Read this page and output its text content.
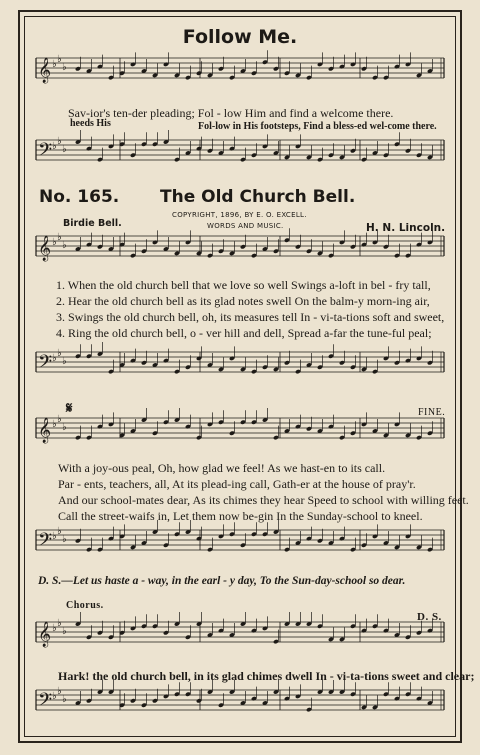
𝄞 ♭ ♭
♭
𝄢 ♭ ♭
♭
𝄞 ♭ ♭
♭
𝄢 ♭ ♭
♭
𝄞 ♭ ♭
♭
𝄢 ♭ ♭
♭
𝄞 ♭ ♭
♭
𝄢 ♭ ♭
♭
Follow Me.
Sav-ior's ten-der pleading; Fol - low Him and find a welcome there.
heeds His	Fol-low in His footsteps, Find a bless-ed wel-come there.
No. 165. The Old Church Bell.
COPYRIGHT, 1896, BY E. O. EXCELL.
WORDS AND MUSIC.
Birdie Bell.	H. N. Lincoln.
1. When the old church bell that we love so well Swings a-loft in bel - fry tall,
2. Hear the old church bell as its glad notes swell On the balm-y morn-ing air,
3. Swings the old church bell, oh, its measures tell In - vi-ta-tions soft and sweet,
4. Ring the old church bell, o - ver hill and dell, Spread a-far the tune-ful peal;
𝄋	FINE.
With a joy-ous peal, Oh, how glad we feel! As we hast-en to its call.
Par - ents, teachers, all, At its plead-ing call, Gath-er at the house of pray'r.
And our school-mates dear, As its chimes they hear Speed to school with willing feet.
Call the street-waifs in, Let them now be-gin In the Sunday-school to kneel.
D. S.—Let us haste a - way, in the earl - y day, To the Sun-day-school so dear.
Chorus.
D. S.
Hark! the old church bell, in its glad chimes dwell In - vi-ta-tions sweet and clear;
